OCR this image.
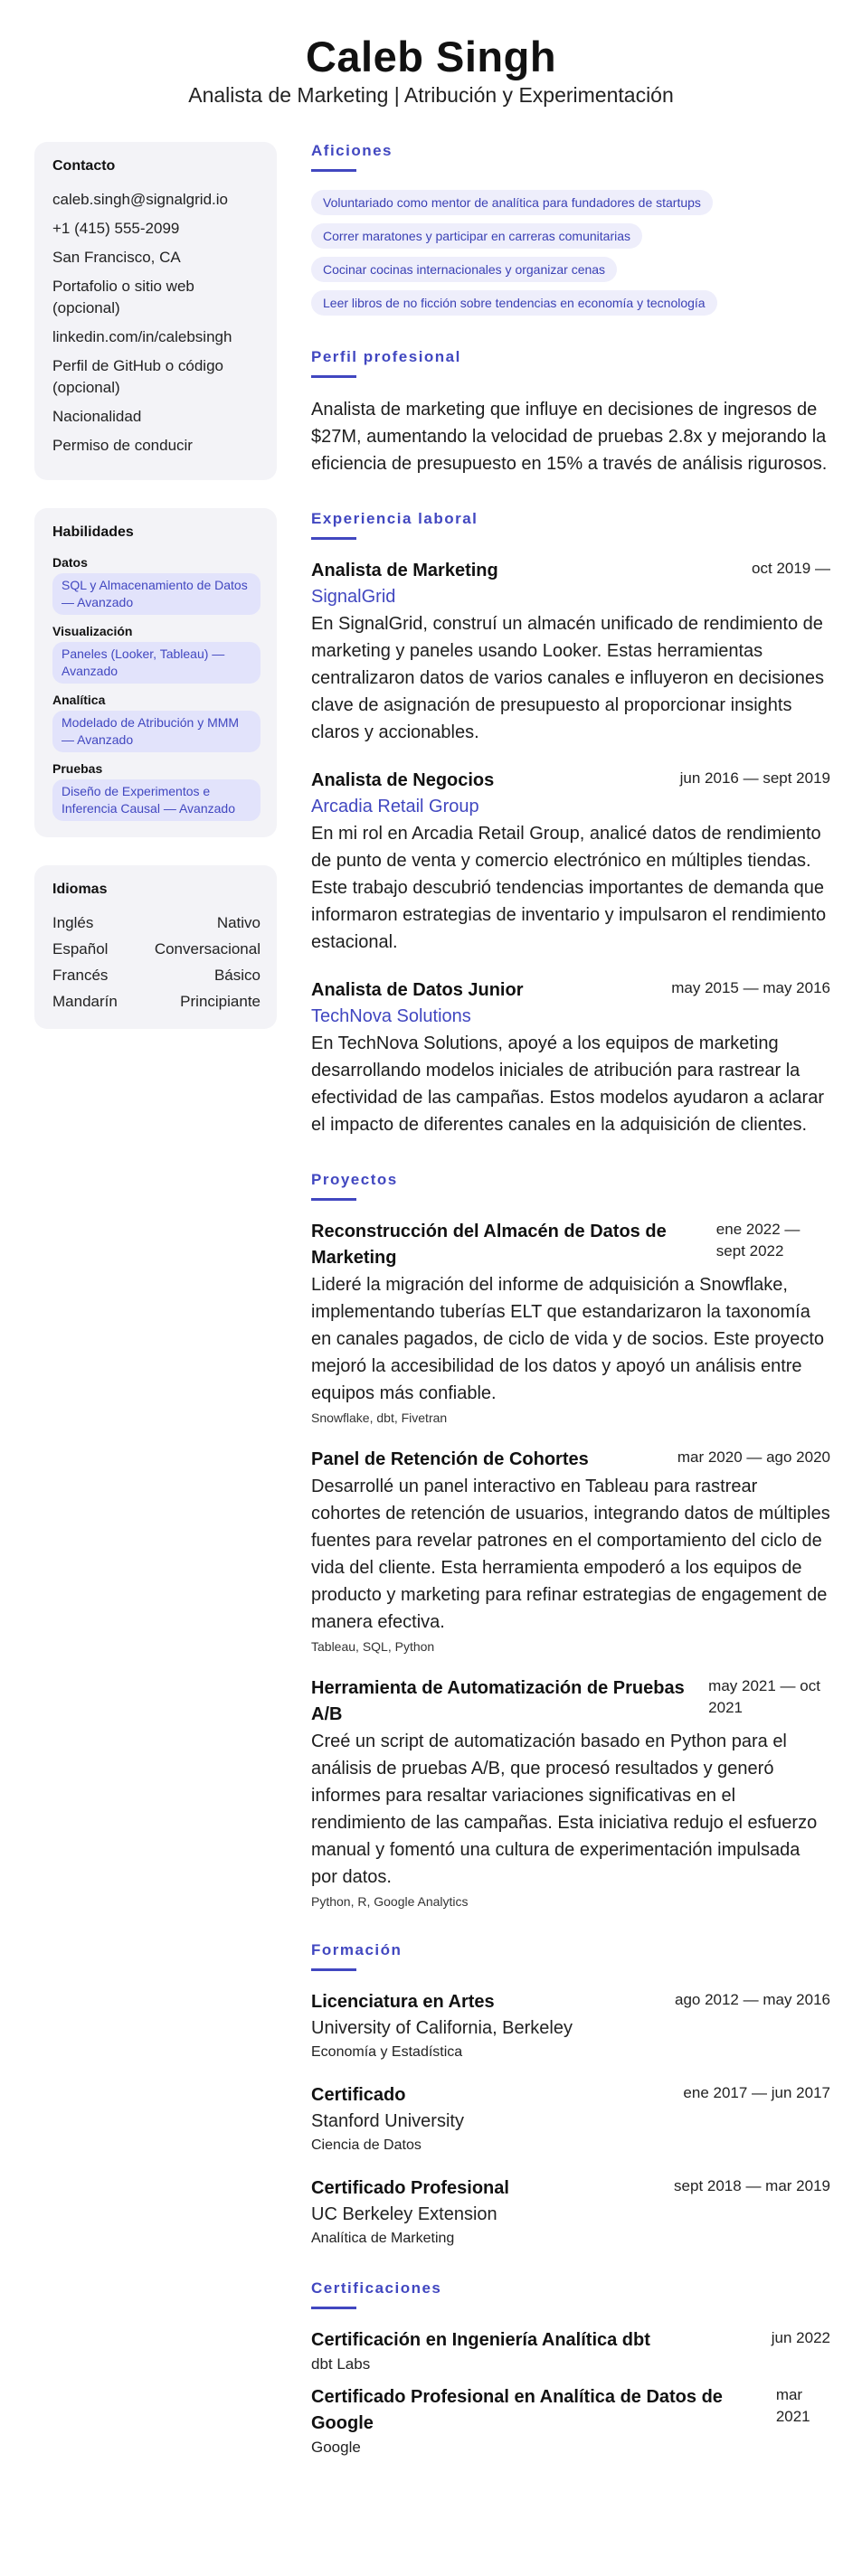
Caleb Singh
Analista de Marketing | Atribución y Experimentación
Contacto
caleb.singh@signalgrid.io
+1 (415) 555-2099
San Francisco, CA
Portafolio o sitio web (opcional)
linkedin.com/in/calebsingh
Perfil de GitHub o código (opcional)
Nacionalidad
Permiso de conducir
Habilidades
Datos
SQL y Almacenamiento de Datos — Avanzado
Visualización
Paneles (Looker, Tableau) — Avanzado
Analítica
Modelado de Atribución y MMM — Avanzado
Pruebas
Diseño de Experimentos e Inferencia Causal — Avanzado
Idiomas
Inglés	Nativo
Español	Conversacional
Francés	Básico
Mandarín	Principiante
Aficiones
Voluntariado como mentor de analítica para fundadores de startups
Correr maratones y participar en carreras comunitarias
Cocinar cocinas internacionales y organizar cenas
Leer libros de no ficción sobre tendencias en economía y tecnología
Perfil profesional
Analista de marketing que influye en decisiones de ingresos de $27M, aumentando la velocidad de pruebas 2.8x y mejorando la eficiencia de presupuesto en 15% a través de análisis rigurosos.
Experiencia laboral
Analista de Marketing	oct 2019 —
SignalGrid
En SignalGrid, construí un almacén unificado de rendimiento de marketing y paneles usando Looker. Estas herramientas centralizaron datos de varios canales e influyeron en decisiones clave de asignación de presupuesto al proporcionar insights claros y accionables.
Analista de Negocios	jun 2016 — sept 2019
Arcadia Retail Group
En mi rol en Arcadia Retail Group, analicé datos de rendimiento de punto de venta y comercio electrónico en múltiples tiendas. Este trabajo descubrió tendencias importantes de demanda que informaron estrategias de inventario y impulsaron el rendimiento estacional.
Analista de Datos Junior	may 2015 — may 2016
TechNova Solutions
En TechNova Solutions, apoyé a los equipos de marketing desarrollando modelos iniciales de atribución para rastrear la efectividad de las campañas. Estos modelos ayudaron a aclarar el impacto de diferentes canales en la adquisición de clientes.
Proyectos
Reconstrucción del Almacén de Datos de Marketing
ene 2022 — sept 2022
Lideré la migración del informe de adquisición a Snowflake, implementando tuberías ELT que estandarizaron la taxonomía en canales pagados, de ciclo de vida y de socios. Este proyecto mejoró la accesibilidad de los datos y apoyó un análisis entre equipos más confiable.
Snowflake, dbt, Fivetran
Panel de Retención de Cohortes	mar 2020 — ago 2020
Desarrollé un panel interactivo en Tableau para rastrear cohortes de retención de usuarios, integrando datos de múltiples fuentes para revelar patrones en el comportamiento del ciclo de vida del cliente. Esta herramienta empoderó a los equipos de producto y marketing para refinar estrategias de engagement de manera efectiva.
Tableau, SQL, Python
Herramienta de Automatización de Pruebas A/B
may 2021 — oct 2021
Creé un script de automatización basado en Python para el análisis de pruebas A/B, que procesó resultados y generó informes para resaltar variaciones significativas en el rendimiento de las campañas. Esta iniciativa redujo el esfuerzo manual y fomentó una cultura de experimentación impulsada por datos.
Python, R, Google Analytics
Formación
Licenciatura en Artes	ago 2012 — may 2016
University of California, Berkeley
Economía y Estadística
Certificado	ene 2017 — jun 2017
Stanford University
Ciencia de Datos
Certificado Profesional	sept 2018 — mar 2019
UC Berkeley Extension
Analítica de Marketing
Certificaciones
Certificación en Ingeniería Analítica dbt	jun 2022
dbt Labs
Certificado Profesional en Analítica de Datos de Google
mar 2021
Google
